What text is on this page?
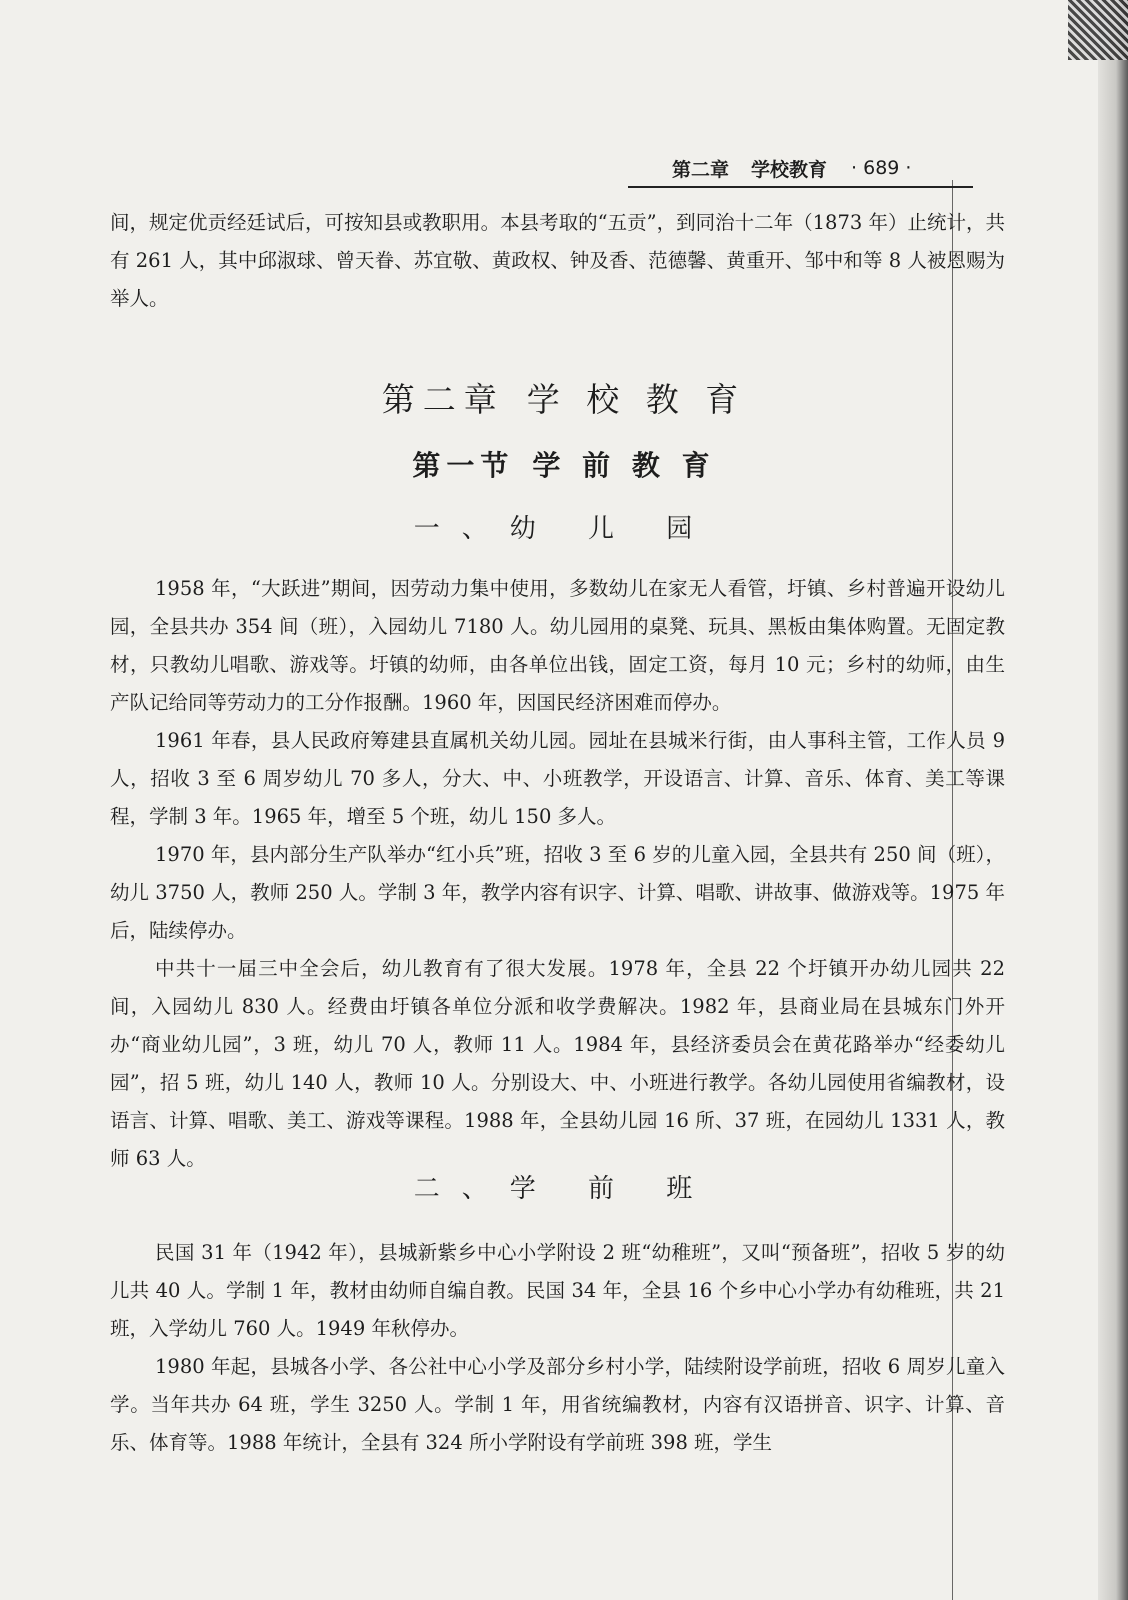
第二章 学校教育 · 689 ·

间，规定优贡经廷试后，可按知县或教职用。本县考取的“五贡”，到同治十二年（1873 年）止统计，共有 261 人，其中邱淑球、曾天眷、苏宜敬、黄政权、钟及香、范德馨、黄重开、邹中和等 8 人被恩赐为举人。

第二章 学 校 教 育
第一节 学 前 教 育
一、幼 儿 园

1958 年，“大跃进”期间，因劳动力集中使用，多数幼儿在家无人看管，圩镇、乡村普遍开设幼儿园，全县共办 354 间（班），入园幼儿 7180 人。幼儿园用的桌凳、玩具、黑板由集体购置。无固定教材，只教幼儿唱歌、游戏等。圩镇的幼师，由各单位出钱，固定工资，每月 10 元；乡村的幼师，由生产队记给同等劳动力的工分作报酬。1960 年，因国民经济困难而停办。

1961 年春，县人民政府筹建县直属机关幼儿园。园址在县城米行街，由人事科主管，工作人员 9 人，招收 3 至 6 周岁幼儿 70 多人，分大、中、小班教学，开设语言、计算、音乐、体育、美工等课程，学制 3 年。1965 年，增至 5 个班，幼儿 150 多人。

1970 年，县内部分生产队举办“红小兵”班，招收 3 至 6 岁的儿童入园，全县共有 250 间（班），幼儿 3750 人，教师 250 人。学制 3 年，教学内容有识字、计算、唱歌、讲故事、做游戏等。1975 年后，陆续停办。

中共十一届三中全会后，幼儿教育有了很大发展。1978 年，全县 22 个圩镇开办幼儿园共 22 间，入园幼儿 830 人。经费由圩镇各单位分派和收学费解决。1982 年，县商业局在县城东门外开办“商业幼儿园”，3 班，幼儿 70 人，教师 11 人。1984 年，县经济委员会在黄花路举办“经委幼儿园”，招 5 班，幼儿 140 人，教师 10 人。分别设大、中、小班进行教学。各幼儿园使用省编教材，设语言、计算、唱歌、美工、游戏等课程。1988 年，全县幼儿园 16 所、37 班，在园幼儿 1331 人，教师 63 人。

二、学 前 班

民国 31 年（1942 年），县城新紫乡中心小学附设 2 班“幼稚班”，又叫“预备班”，招收 5 岁的幼儿共 40 人。学制 1 年，教材由幼师自编自教。民国 34 年，全县 16 个乡中心小学办有幼稚班，共 21 班，入学幼儿 760 人。1949 年秋停办。

1980 年起，县城各小学、各公社中心小学及部分乡村小学，陆续附设学前班，招收 6 周岁儿童入学。当年共办 64 班，学生 3250 人。学制 1 年，用省统编教材，内容有汉语拼音、识字、计算、音乐、体育等。1988 年统计，全县有 324 所小学附设有学前班 398 班，学生
